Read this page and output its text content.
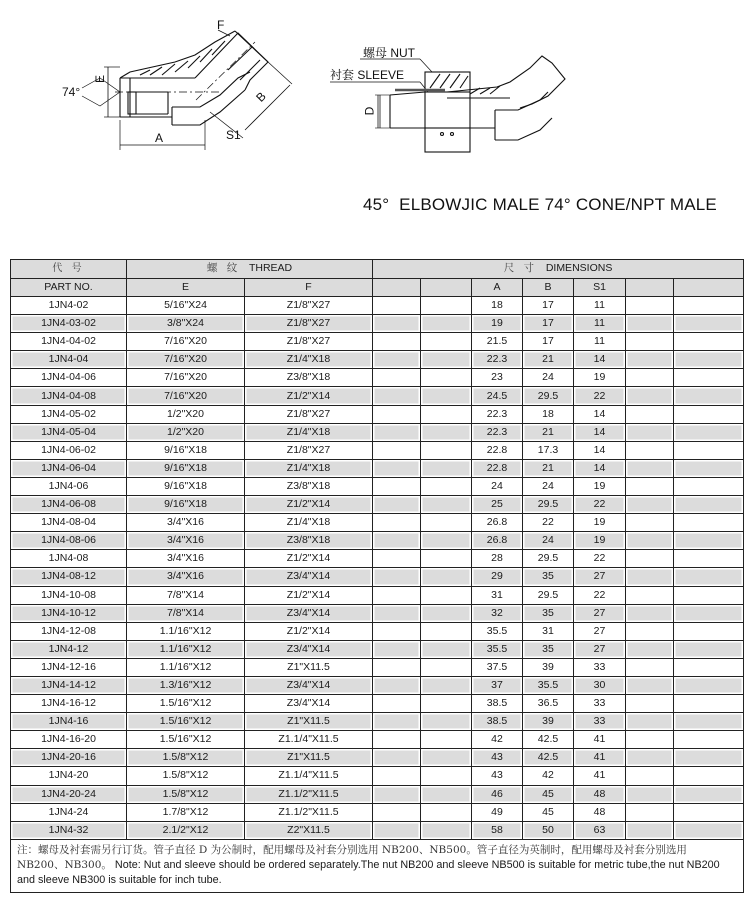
F
E
74°
A
B
S1
螺母 NUT
衬套 SLEEVE
D
45°  ELBOWJIC MALE 74° CONE/NPT MALE
代 号	螺 纹 THREAD		尺 寸 DIMENSIONS						
PART NO.	E	F			A	B	S1		
1JN4-02	5/16"X24	Z1/8"X27			18	17	11		
1JN4-03-02	3/8"X24	Z1/8"X27			19	17	11		
1JN4-04-02	7/16"X20	Z1/8"X27			21.5	17	11		
1JN4-04	7/16"X20	Z1/4"X18			22.3	21	14		
1JN4-04-06	7/16"X20	Z3/8"X18			23	24	19		
1JN4-04-08	7/16"X20	Z1/2"X14			24.5	29.5	22		
1JN4-05-02	1/2"X20	Z1/8"X27			22.3	18	14		
1JN4-05-04	1/2"X20	Z1/4"X18			22.3	21	14		
1JN4-06-02	9/16"X18	Z1/8"X27			22.8	17.3	14		
1JN4-06-04	9/16"X18	Z1/4"X18			22.8	21	14		
1JN4-06	9/16"X18	Z3/8"X18			24	24	19		
1JN4-06-08	9/16"X18	Z1/2"X14			25	29.5	22		
1JN4-08-04	3/4"X16	Z1/4"X18			26.8	22	19		
1JN4-08-06	3/4"X16	Z3/8"X18			26.8	24	19		
1JN4-08	3/4"X16	Z1/2"X14			28	29.5	22		
1JN4-08-12	3/4"X16	Z3/4"X14			29	35	27		
1JN4-10-08	7/8"X14	Z1/2"X14			31	29.5	22		
1JN4-10-12	7/8"X14	Z3/4"X14			32	35	27		
1JN4-12-08	1.1/16"X12	Z1/2"X14			35.5	31	27		
1JN4-12	1.1/16"X12	Z3/4"X14			35.5	35	27		
1JN4-12-16	1.1/16"X12	Z1"X11.5			37.5	39	33		
1JN4-14-12	1.3/16"X12	Z3/4"X14			37	35.5	30		
1JN4-16-12	1.5/16"X12	Z3/4"X14			38.5	36.5	33		
1JN4-16	1.5/16"X12	Z1"X11.5			38.5	39	33		
1JN4-16-20	1.5/16"X12	Z1.1/4"X11.5			42	42.5	41		
1JN4-20-16	1.5/8"X12	Z1"X11.5			43	42.5	41		
1JN4-20	1.5/8"X12	Z1.1/4"X11.5			43	42	41		
1JN4-20-24	1.5/8"X12	Z1.1/2"X11.5			46	45	48		
1JN4-24	1.7/8"X12	Z1.1/2"X11.5			49	45	48		
1JN4-32	2.1/2"X12	Z2"X11.5			58	50	63		
注：螺母及衬套需另行订货。管子直径 D 为公制时，配用螺母及衬套分别选用 NB200、NB500。管子直径为英制时，配用螺母及衬套分别选用 NB200、NB300。 Note: Nut and sleeve should be ordered separately.The nut NB200 and sleeve NB500 is suitable for metric tube,the nut NB200 and sleeve NB300 is suitable for inch tube.									
